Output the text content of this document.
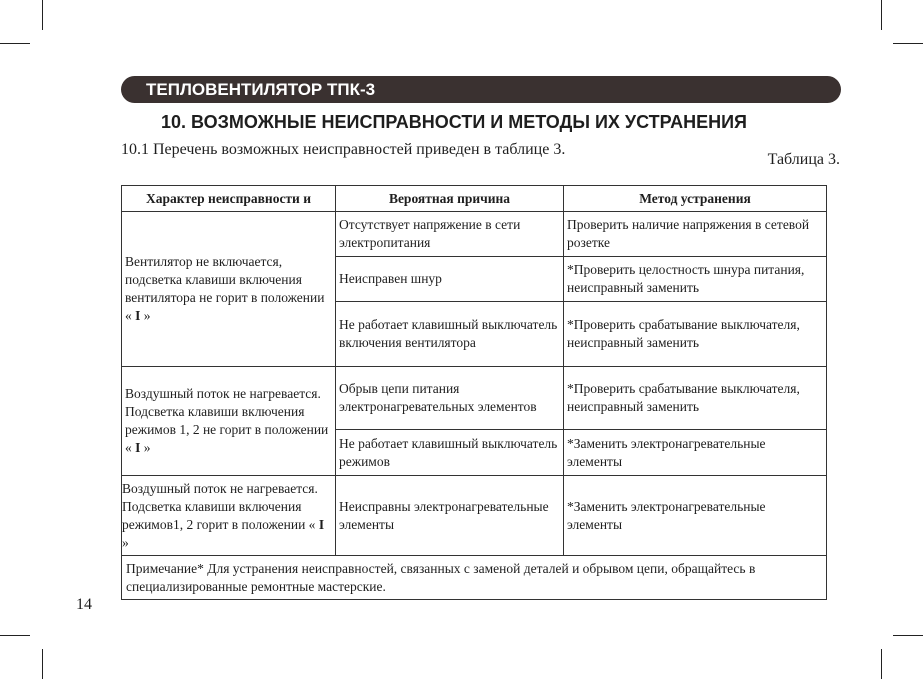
ТЕПЛОВЕНТИЛЯТОР ТПК-3
10. ВОЗМОЖНЫЕ НЕИСПРАВНОСТИ И МЕТОДЫ ИХ УСТРАНЕНИЯ
10.1 Перечень возможных неисправностей приведен в таблице 3.
Таблица 3.
Характер неисправности и	Вероятная причина	Метод устранения
Вентилятор не включается, подсветка клавиши включения вентилятора не горит в положении « I »	Отсутствует напряжение в сети электропитания	Проверить наличие напряжения в сетевой розетке
	Неисправен шнур	*Проверить целостность шнура питания, неисправный заменить
	Не работает клавишный выключатель включения вентилятора	*Проверить срабатываниe выключателя, неисправный заменить
Воздушный поток не нагревается. Подсветка клавиши включения режимов 1, 2 не горит в положении « I »	Обрыв цепи питания электронагревательных элементов	*Проверить срабатывание выключателя, неисправный заменить
	Не работает клавишный выключатель режимов	*Заменить электронагревательные элементы
Воздушный поток не нагревается. Подсветка клавиши включения режимов1, 2 горит в положении « I »	Неисправны электронагревательные элементы	*Заменить электронагревательные элементы
Примечание* Для устранения неисправностей, связанных с заменой деталей и обрывом цепи, обращайтесь в специализированные ремонтные мастерские.		
14
